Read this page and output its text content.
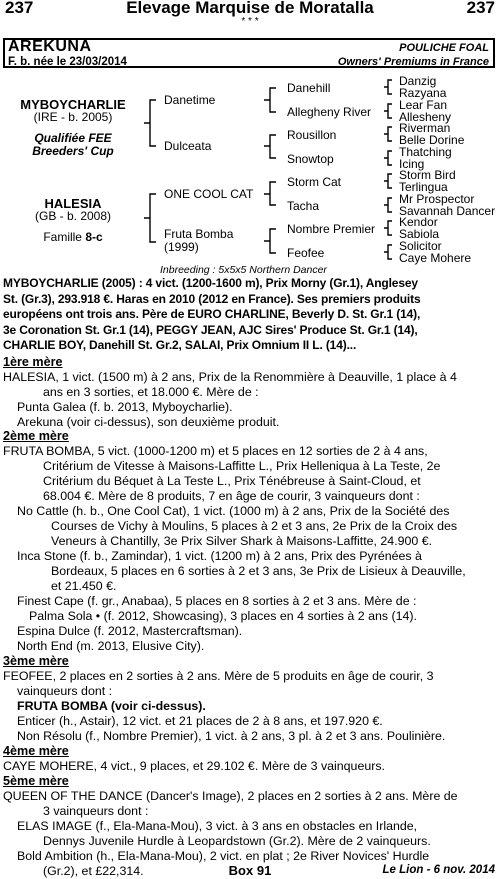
237	Elevage Marquise de Moratalla	237
* * *
AREKUNA	POULICHE FOAL
F. b. née le 23/03/2014	Owners' Premiums in France
MYBOYCHARLIE
(IRE - b. 2005)
Qualifiée FEE
Breeders' Cup
HALESIA
(GB - b. 2008)
Famille 8-c
Danetime
Dulceata
ONE COOL CAT
Fruta Bomba
(1999)
Danehill
Allegheny River
Rousillon
Snowtop
Storm Cat
Tacha
Nombre Premier
Feofee
Danzig
Razyana
Lear Fan
Allesheny
Riverman
Belle Dorine
Thatching
Icing
Storm Bird
Terlingua
Mr Prospector
Savannah Dancer
Kendor
Sabiola
Solicitor
Caye Mohere
Inbreeding : 5x5x5 Northern Dancer
MYBOYCHARLIE (2005) : 4 vict. (1200-1600 m), Prix Morny (Gr.1), Anglesey
St. (Gr.3), 293.918 €. Haras en 2010 (2012 en France). Ses premiers produits
européens ont trois ans. Père de EURO CHARLINE, Beverly D. St. Gr.1 (14),
3e Coronation St. Gr.1 (14), PEGGY JEAN, AJC Sires' Produce St. Gr.1 (14),
CHARLIE BOY, Danehill St. Gr.2, SALAI, Prix Omnium II L. (14)...
1ère mère
HALESIA, 1 vict. (1500 m) à 2 ans, Prix de la Renommière à Deauville, 1 place à 4
ans en 3 sorties, et 18.000 €. Mère de :
Punta Galea (f. b. 2013, Myboycharlie).
Arekuna (voir ci-dessus), son deuxième produit.
2ème mère
FRUTA BOMBA, 5 vict. (1000-1200 m) et 5 places en 12 sorties de 2 à 4 ans,
Critérium de Vitesse à Maisons-Laffitte L., Prix Helleniqua à La Teste, 2e
Critérium du Béquet à La Teste L., Prix Ténébreuse à Saint-Cloud, et
68.004 €. Mère de 8 produits, 7 en âge de courir, 3 vainqueurs dont :
No Cattle (h. b., One Cool Cat), 1 vict. (1000 m) à 2 ans, Prix de la Société des
Courses de Vichy à Moulins, 5 places à 2 et 3 ans, 2e Prix de la Croix des
Veneurs à Chantilly, 3e Prix Silver Shark à Maisons-Laffitte, 24.900 €.
Inca Stone (f. b., Zamindar), 1 vict. (1200 m) à 2 ans, Prix des Pyrénées à
Bordeaux, 5 places en 6 sorties à 2 et 3 ans, 3e Prix de Lisieux à Deauville,
et 21.450 €.
Finest Cape (f. gr., Anabaa), 5 places en 8 sorties à 2 et 3 ans. Mère de :
Palma Sola • (f. 2012, Showcasing), 3 places en 4 sorties à 2 ans (14).
Espina Dulce (f. 2012, Mastercraftsman).
North End (m. 2013, Elusive City).
3ème mère
FEOFEE, 2 places en 2 sorties à 2 ans. Mère de 5 produits en âge de courir, 3
vainqueurs dont :
FRUTA BOMBA (voir ci-dessus).
Enticer (h., Astair), 12 vict. et 21 places de 2 à 8 ans, et 197.920 €.
Non Résolu (f., Nombre Premier), 1 vict. à 2 ans, 3 pl. à 2 et 3 ans. Poulinière.
4ème mère
CAYE MOHERE, 4 vict., 9 places, et 29.102 €. Mère de 3 vainqueurs.
5ème mère
QUEEN OF THE DANCE (Dancer's Image), 2 places en 2 sorties à 2 ans. Mère de
3 vainqueurs dont :
ELAS IMAGE (f., Ela-Mana-Mou), 3 vict. à 3 ans en obstacles en Irlande,
Dennys Juvenile Hurdle à Leopardstown (Gr.2). Mère de 2 vainqueurs.
Bold Ambition (h., Ela-Mana-Mou), 2 vict. en plat ; 2e River Novices' Hurdle
(Gr.2), et £22,314.	Box 91	Le Lion - 6 nov. 2014
